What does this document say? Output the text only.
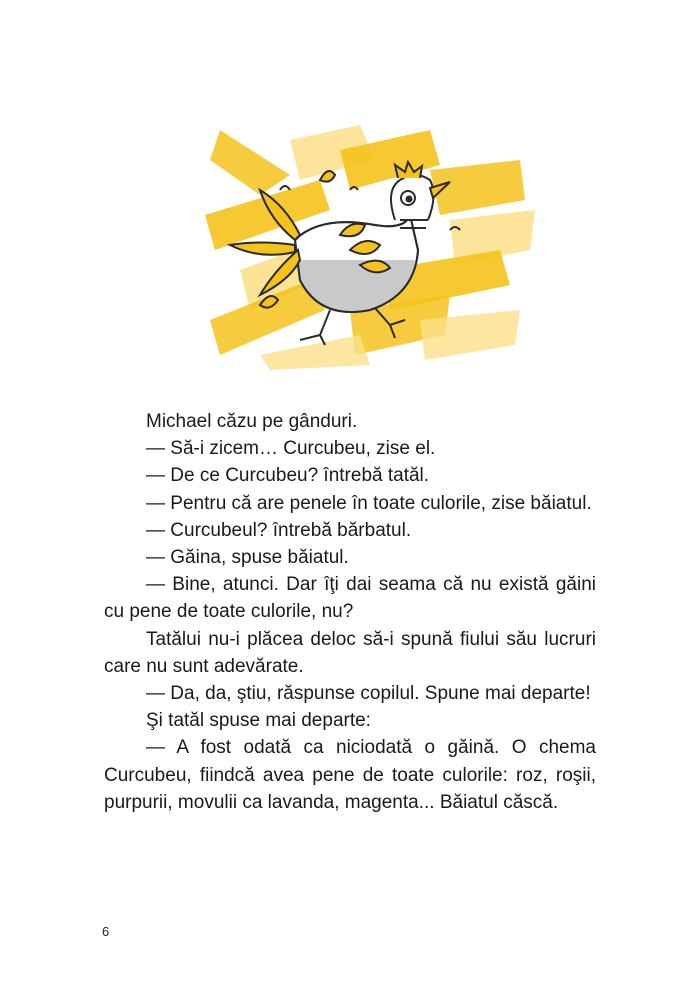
Michael căzu pe gânduri.

— Să-i zicem… Curcubeu, zise el.

— De ce Curcubeu? întrebă tatăl.

— Pentru că are penele în toate culorile, zise băiatul.

— Curcubeul? întrebă bărbatul.

— Găina, spuse băiatul.

— Bine, atunci. Dar îţi dai seama că nu există găini cu pene de toate culorile, nu?

Tatălui nu-i plăcea deloc să-i spună fiului său lucruri care nu sunt adevărate.

— Da, da, ştiu, răspunse copilul. Spune mai departe!

Şi tatăl spuse mai departe:

— A fost odată ca niciodată o găină. O chema Curcubeu, fiindcă avea pene de toate culorile: roz, roşii, purpurii, movulii ca lavanda, magenta... Băiatul căscă.

6
